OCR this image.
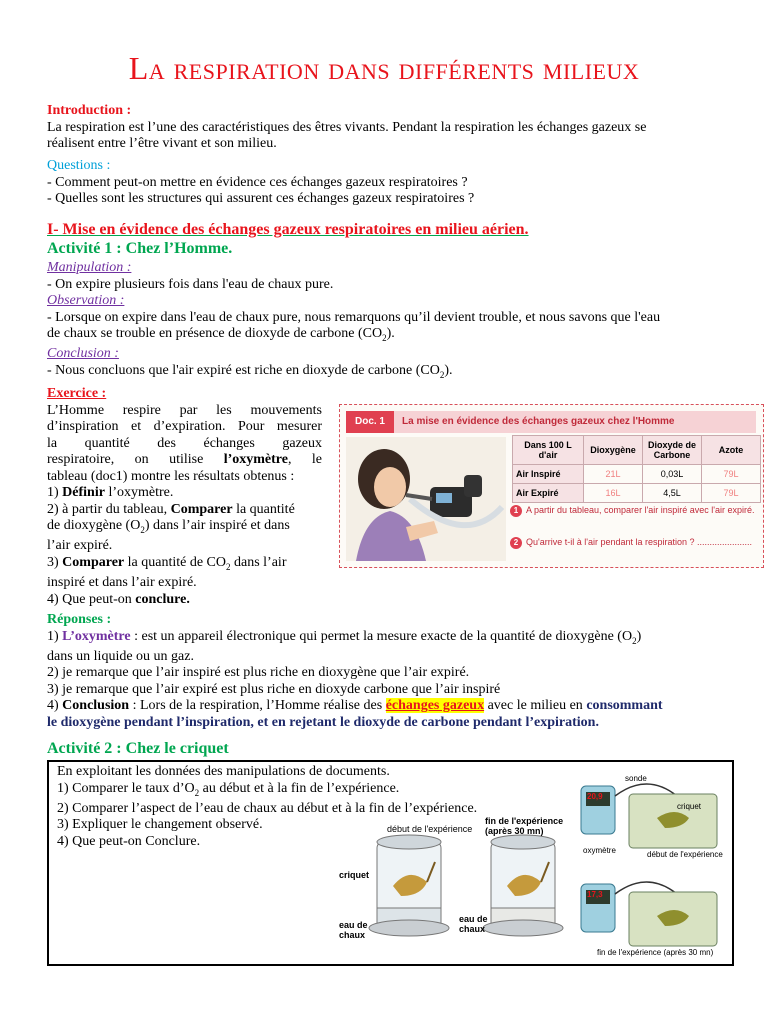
La respiration dans différents milieux
Introduction :
La respiration est l’une des caractéristiques des êtres vivants. Pendant la respiration les échanges gazeux se
réalisent entre l’être vivant et son milieu.
Questions :
- Comment peut-on mettre en évidence ces échanges gazeux respiratoires ?
- Quelles sont les structures qui assurent ces échanges gazeux respiratoires ?
I- Mise en évidence des échanges gazeux respiratoires en milieu aérien.
Activité 1 : Chez l’Homme.
Manipulation :
- On expire plusieurs fois dans l'eau de chaux pure.
Observation :
- Lorsque on expire dans l'eau de chaux pure, nous remarquons qu’il devient trouble, et nous savons que l'eau
de chaux se trouble en présence de dioxyde de carbone $(CO_2)$.
Conclusion :
- Nous concluons que l'air expiré est riche en dioxyde de carbone $(CO_2)$.
Exercice :
L’Homme respire par les mouvements
d’inspiration et d’expiration. Pour mesurer
la quantité des échanges gazeux
respiratoire, on utilise l’oxymètre, le
tableau (doc1) montre les résultats obtenus :
1) Définir l’oxymètre.
2) à partir du tableau, Comparer la quantité
de dioxygène $(O_2)$ dans l’air inspiré et dans
l’air expiré.
3) Comparer la quantité de $CO_2$ dans l’air
inspiré et dans l’air expiré.
4) Que peut-on conclure.
Doc. 1	La mise en évidence des échanges gazeux chez l'Homme
Dans 100 L d'air	Dioxygène	Dioxyde de Carbone	Azote
Air Inspiré	21L	0,03L	79L
Air Expiré	16L	4,5L	79L
1 A partir du tableau, comparer l'air inspiré avec l'air expiré.
2 Qu'arrive t-il à l'air pendant la respiration ? ......................
Réponses :
1) L’oxymètre : est un appareil électronique qui permet la mesure exacte de la quantité de dioxygène $(O_2)$
dans un liquide ou un gaz.
2) je remarque que l’air inspiré est plus riche en dioxygène que l’air expiré.
3) je remarque que l’air expiré est plus riche en dioxyde carbone que l’air inspiré
4) Conclusion : Lors de la respiration, l’Homme réalise des échanges gazeux avec le milieu en consommant
le dioxygène pendant l’inspiration, et en rejetant le dioxyde de carbone pendant l’expiration.
Activité 2 : Chez le criquet
En exploitant les données des manipulations de documents.
1) Comparer le taux $d’O_2$ au début et à la fin de l’expérience.
2) Comparer l’aspect de l’eau de chaux au début et à la fin de l’expérience.
3) Expliquer le changement observé.
4) Que peut-on Conclure.
début de l'expérience
fin de l'expérience (après 30 mn)
criquet
eau de chaux
eau de chaux
20,9
17,3
sonde
criquet
oxymètre	début de l'expérience
fin de l'expérience (après 30 mn)
